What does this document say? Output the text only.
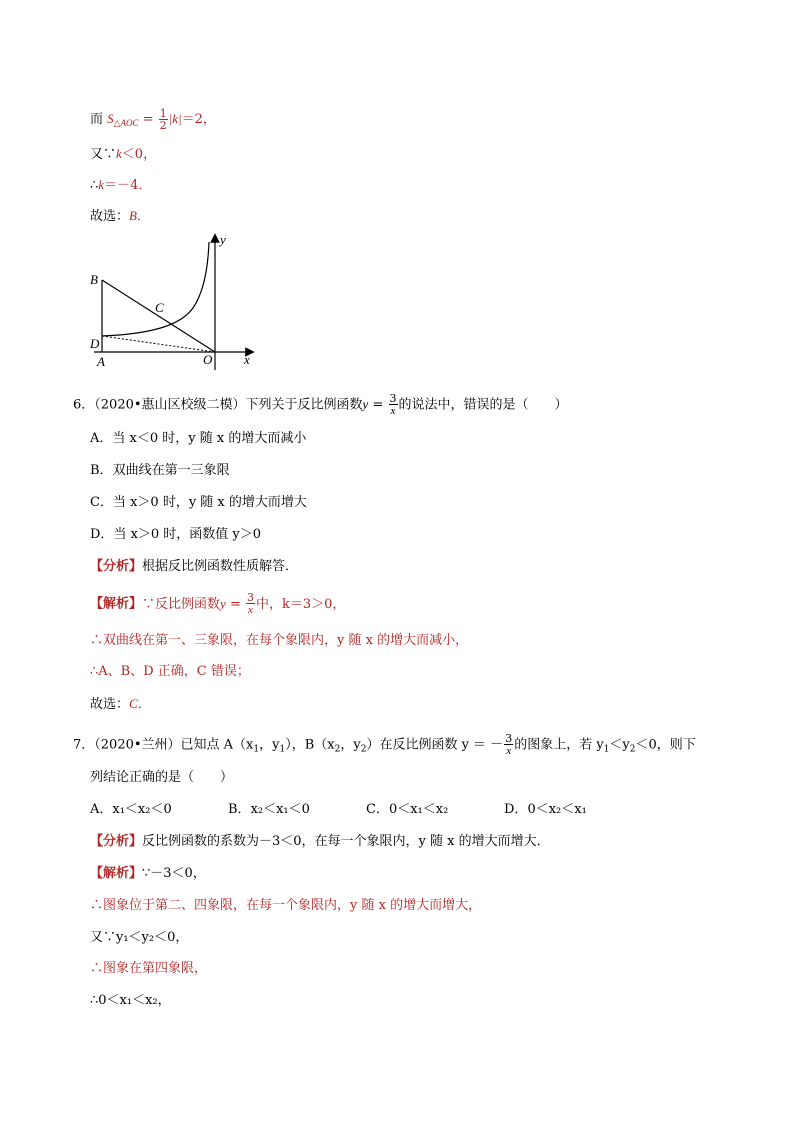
而 $S_{\triangle AOC} = \frac{1}{2} |k|=2$，
又∵k＜0，
∴k＝－4．
故选：B．
y
x
B
C
D
A	O
6．（2020•惠山区校级二模）下列关于反比例函数$y = \frac{3}{x}$的说法中，错误的是（　　）
A．当 x＜0 时，y 随 x 的增大而减小
B．双曲线在第一三象限
C．当 x＞0 时，y 随 x 的增大而增大
D．当 x＞0 时，函数值 y＞0
【分析】根据反比例函数性质解答．
【解析】∵反比例函数$y = \frac{3}{x}$中，k＝3＞0，
∴双曲线在第一、三象限，在每个象限内，y 随 x 的增大而减小，
∴A、B、D 正确，C 错误；
故选：C．
7．（2020•兰州）已知点 $A(x_1$，$y_1$），$B(x_2$，$y_2$）在反比例函数 y ＝ － $\frac{3}{x}$的图象上，若 $y_1<y_2<0$，则下
列结论正确的是（　　）
A．x₁＜x₂＜0	B．x₂＜x₁＜0	C．0＜x₁＜x₂	D．0＜x₂＜x₁
【分析】反比例函数的系数为－3＜0，在每一个象限内，y 随 x 的增大而增大．
【解析】∵－3＜0，
∴图象位于第二、四象限，在每一个象限内，y 随 x 的增大而增大，
又∵y₁＜y₂＜0，
∴图象在第四象限，
∴0＜x₁＜x₂，
